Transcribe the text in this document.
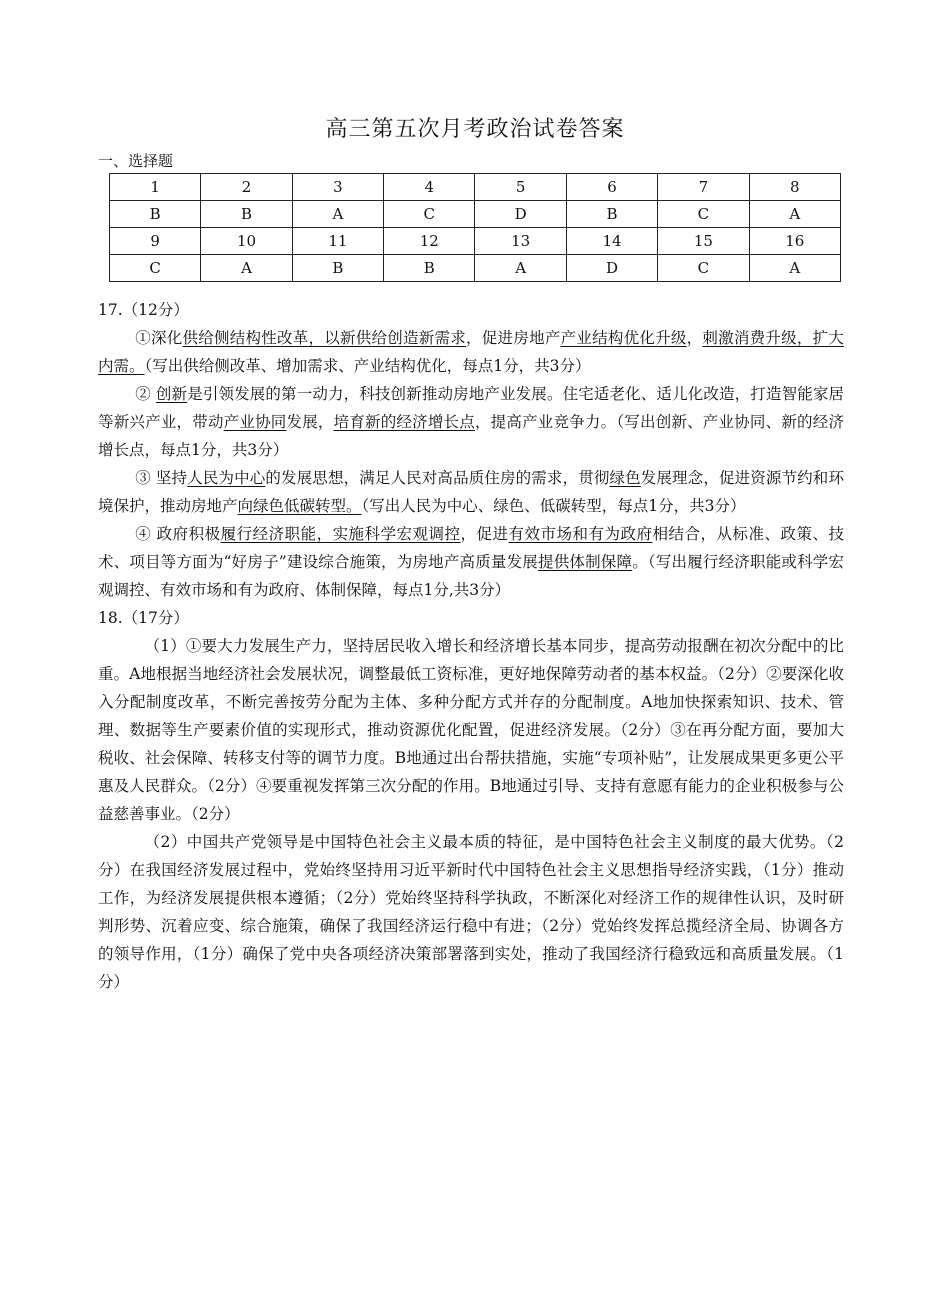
高三第五次月考政治试卷答案
一、选择题
1	2	3	4	5	6	7	8
B	B	A	C	D	B	C	A
9	10	11	12	13	14	15	16
C	A	B	B	A	D	C	A

17.（12分）

①深化供给侧结构性改革，以新供给创造新需求，促进房地产产业结构优化升级，刺激消费升级，扩大内需。（写出供给侧改革、增加需求、产业结构优化，每点1分，共3分）

② 创新是引领发展的第一动力，科技创新推动房地产业发展。住宅适老化、适儿化改造，打造智能家居等新兴产业，带动产业协同发展，培育新的经济增长点，提高产业竞争力。（写出创新、产业协同、新的经济增长点，每点1分，共3分）

③ 坚持人民为中心的发展思想，满足人民对高品质住房的需求，贯彻绿色发展理念，促进资源节约和环境保护，推动房地产向绿色低碳转型。（写出人民为中心、绿色、低碳转型，每点1分，共3分）

④ 政府积极履行经济职能，实施科学宏观调控，促进有效市场和有为政府相结合，从标准、政策、技术、项目等方面为“好房子”建设综合施策，为房地产高质量发展提供体制保障。（写出履行经济职能或科学宏观调控、有效市场和有为政府、体制保障，每点1分,共3分）

18.（17分）

（1）①要大力发展生产力，坚持居民收入增长和经济增长基本同步，提高劳动报酬在初次分配中的比重。A地根据当地经济社会发展状况，调整最低工资标准，更好地保障劳动者的基本权益。（2分）②要深化收入分配制度改革，不断完善按劳分配为主体、多种分配方式并存的分配制度。A地加快探索知识、技术、管理、数据等生产要素价值的实现形式，推动资源优化配置，促进经济发展。（2分）③在再分配方面，要加大税收、社会保障、转移支付等的调节力度。B地通过出台帮扶措施，实施“专项补贴”，让发展成果更多更公平惠及人民群众。（2分）④要重视发挥第三次分配的作用。B地通过引导、支持有意愿有能力的企业积极参与公益慈善事业。（2分）

（2）中国共产党领导是中国特色社会主义最本质的特征，是中国特色社会主义制度的最大优势。（2分）在我国经济发展过程中，党始终坚持用习近平新时代中国特色社会主义思想指导经济实践，（1分）推动工作，为经济发展提供根本遵循；（2分）党始终坚持科学执政，不断深化对经济工作的规律性认识，及时研判形势、沉着应变、综合施策，确保了我国经济运行稳中有进；（2分）党始终发挥总揽经济全局、协调各方的领导作用，（1分）确保了党中央各项经济决策部署落到实处，推动了我国经济行稳致远和高质量发展。（1分）
